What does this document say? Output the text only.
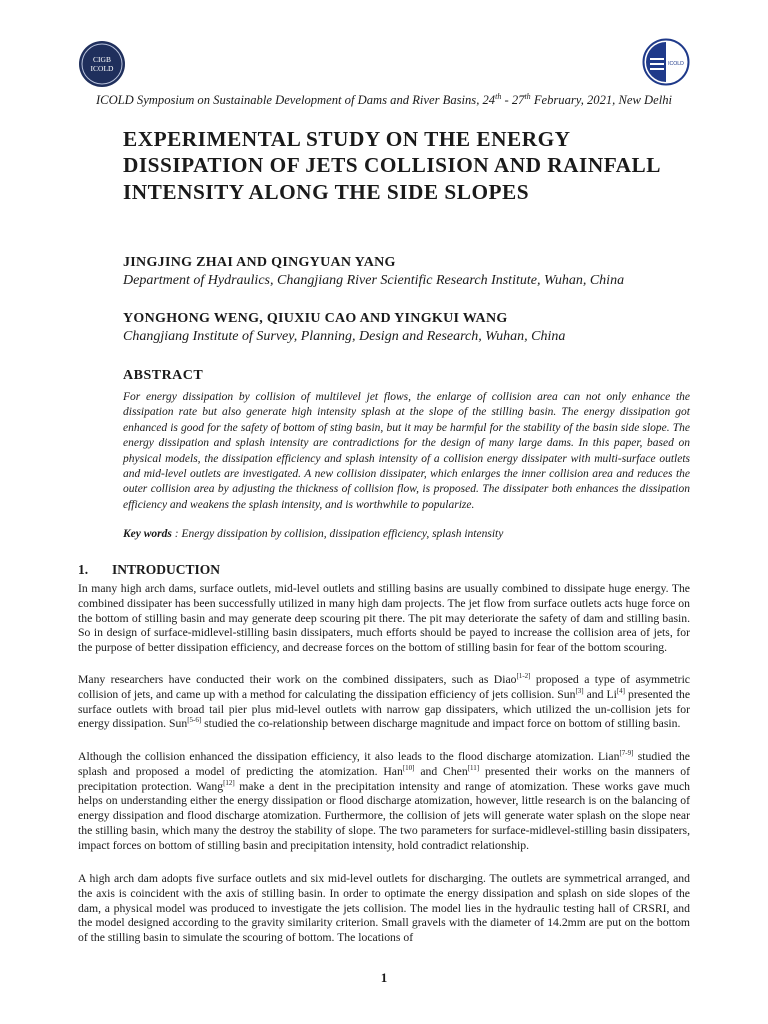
CIGB
ICOLD	ICOLD
ICOLD Symposium on Sustainable Development of Dams and River Basins, 24th - 27th February, 2021, New Delhi
EXPERIMENTAL STUDY ON THE ENERGY DISSIPATION OF JETS COLLISION AND RAINFALL INTENSITY ALONG THE SIDE SLOPES
JINGJING ZHAI AND QINGYUAN YANG
Department of Hydraulics, Changjiang River Scientific Research Institute, Wuhan, China
YONGHONG WENG, QIUXIU CAO AND YINGKUI WANG
Changjiang Institute of Survey, Planning, Design and Research, Wuhan, China
ABSTRACT
For energy dissipation by collision of multilevel jet flows, the enlarge of collision area can not only enhance the dissipation rate but also generate high intensity splash at the slope of the stilling basin. The energy dissipation got enhanced is good for the safety of bottom of sting basin, but it may be harmful for the stability of the basin side slope. The energy dissipation and splash intensity are contradictions for the design of many large dams. In this paper, based on physical models, the dissipation efficiency and splash intensity of a collision energy dissipater with multi-surface outlets and mid-level outlets are investigated. A new collision dissipater, which enlarges the inner collision area and reduces the outer collision area by adjusting the thickness of collision flow, is proposed. The dissipater both enhances the dissipation efficiency and weakens the splash intensity, and is worthwhile to popularize.
Key words : Energy dissipation by collision, dissipation efficiency, splash intensity
1. INTRODUCTION
In many high arch dams, surface outlets, mid-level outlets and stilling basins are usually combined to dissipate huge energy. The combined dissipater has been successfully utilized in many high dam projects. The jet flow from surface outlets acts huge force on the bottom of stilling basin and may generate deep scouring pit there. The pit may deteriorate the safety of dam and stilling basin. So in design of surface-midlevel-stilling basin dissipaters, much efforts should be payed to increase the collision area of jets, for the purpose of better dissipation efficiency, and decrease forces on the bottom of stilling basin for fear of the bottom scouring.
Many researchers have conducted their work on the combined dissipaters, such as Diao[1-2] proposed a type of asymmetric collision of jets, and came up with a method for calculating the dissipation efficiency of jets collision. Sun[3] and Li[4] presented the surface outlets with broad tail pier plus mid-level outlets with narrow gap dissipaters, which utilized the un-collision jets for energy dissipation. Sun[5-6] studied the co-relationship between discharge magnitude and impact force on bottom of stilling basin.
Although the collision enhanced the dissipation efficiency, it also leads to the flood discharge atomization. Lian[7-9] studied the splash and proposed a model of predicting the atomization. Han[10] and Chen[11] presented their works on the manners of precipitation protection. Wang[12] make a dent in the precipitation intensity and range of atomization. These works gave much helps on understanding either the energy dissipation or flood discharge atomization, however, little research is on the balancing of energy dissipation and flood discharge atomization. Furthermore, the collision of jets will generate water splash on the slope near the stilling basin, which many the destroy the stability of slope. The two parameters for surface-midlevel-stilling basin dissipaters, impact forces on bottom of stilling basin and precipitation intensity, hold contradict relationship.
A high arch dam adopts five surface outlets and six mid-level outlets for discharging. The outlets are symmetrical arranged, and the axis is coincident with the axis of stilling basin. In order to optimate the energy dissipation and splash on side slopes of the dam, a physical model was produced to investigate the jets collision. The model lies in the hydraulic testing hall of CRSRI, and the model designed according to the gravity similarity criterion. Small gravels with the diameter of 14.2mm are put on the bottom of the stilling basin to simulate the scouring of bottom. The locations of
1
